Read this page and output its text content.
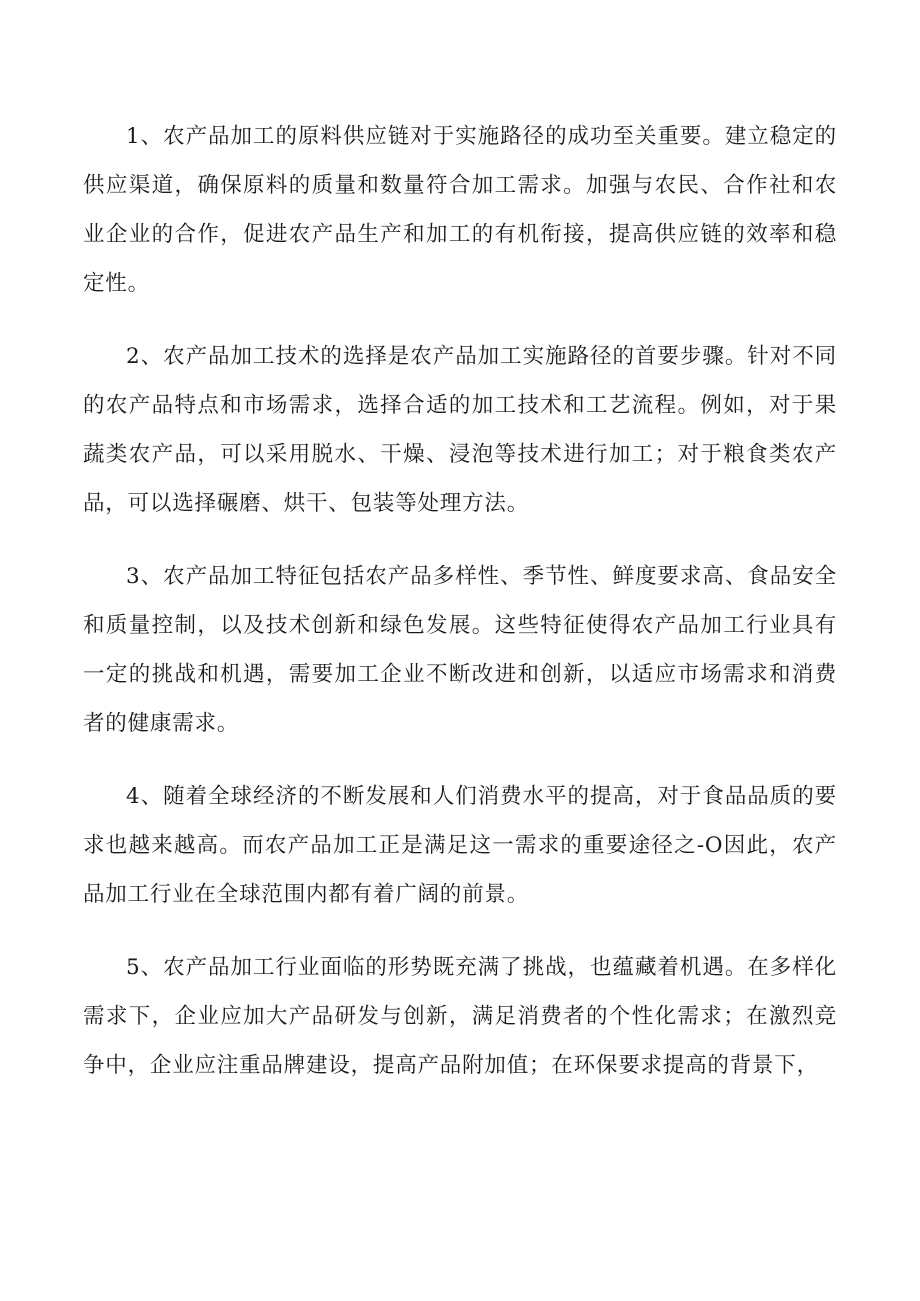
1、农产品加工的原料供应链对于实施路径的成功至关重要。建立稳定的供应渠道，确保原料的质量和数量符合加工需求。加强与农民、合作社和农业企业的合作，促进农产品生产和加工的有机衔接，提高供应链的效率和稳定性。

2、农产品加工技术的选择是农产品加工实施路径的首要步骤。针对不同的农产品特点和市场需求，选择合适的加工技术和工艺流程。例如，对于果蔬类农产品，可以采用脱水、干燥、浸泡等技术进行加工；对于粮食类农产品，可以选择碾磨、烘干、包装等处理方法。

3、农产品加工特征包括农产品多样性、季节性、鲜度要求高、食品安全和质量控制，以及技术创新和绿色发展。这些特征使得农产品加工行业具有一定的挑战和机遇，需要加工企业不断改进和创新，以适应市场需求和消费者的健康需求。

4、随着全球经济的不断发展和人们消费水平的提高，对于食品品质的要求也越来越高。而农产品加工正是满足这一需求的重要途径之-O因此，农产品加工行业在全球范围内都有着广阔的前景。

5、农产品加工行业面临的形势既充满了挑战，也蕴藏着机遇。在多样化需求下，企业应加大产品研发与创新，满足消费者的个性化需求；在激烈竞争中，企业应注重品牌建设，提高产品附加值；在环保要求提高的背景下，
